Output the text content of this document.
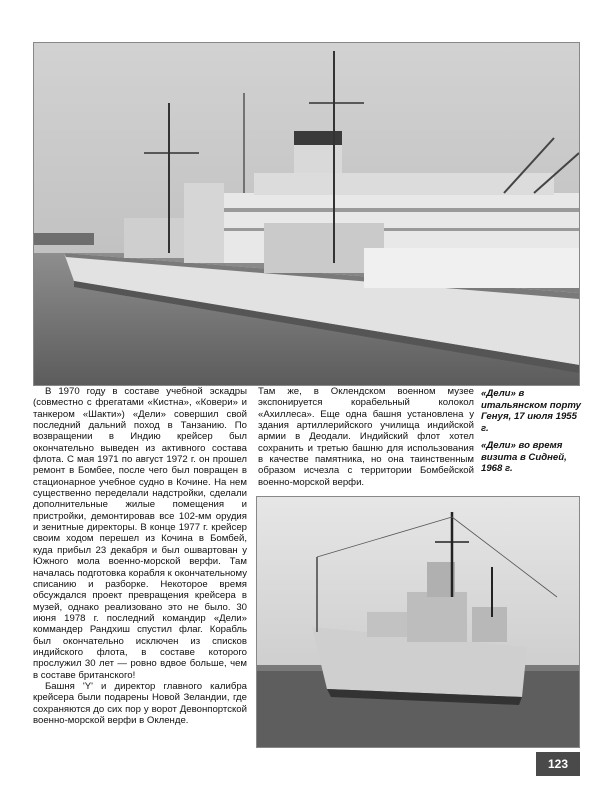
В 1970 году в составе учебной эскадры (совместно с фрегатами «Кистна», «Ковери» и танкером «Шакти») «Дели» совершил свой последний дальний поход в Танзанию. По возвращении в Индию крейсер был окончательно выведен из активного состава флота. С мая 1971 по август 1972 г. он прошел ремонт в Бомбее, после чего был повращен в стационарное учебное судно в Кочине. На нем существенно переделали надстройки, сделали дополнительные жилые помещения и пристройки, демонтировав все 102-мм орудия и зенитные директоры. В конце 1977 г. крейсер своим ходом перешел из Кочина в Бомбей, куда прибыл 23 декабря и был ошвартован у Южного мола военно-морской верфи. Там началась подготовка корабля к окончательному списанию и разборке. Некоторое время обсуждался проект превращения крейсера в музей, однако реализовано это не было. 30 июня 1978 г. последний командир «Дели» коммандер Рандхиш спустил флаг. Корабль был окончательно исключен из списков индийского флота, в составе которого прослужил 30 лет — ровно вдвое больше, чем в составе британского!

Башня 'Y' и директор главного калибра крейсера были подарены Новой Зеландии, где сохраняются до сих пор у ворот Девонпортской военно-морской верфи в Окленде.

Там же, в Оклендском военном музее экспонируется корабельный колокол «Ахиллеса». Еще одна башня установлена у здания артиллерийского училища индийской армии в Деодали. Индийский флот хотел сохранить и третью башню для использования в качестве памятника, но она таинственным образом исчезла с территории Бомбейской военно-морской верфи.

«Дели» в итальянском порту Генуя, 17 июля 1955 г.
«Дели» во время визита в Сидней, 1968 г.
123
